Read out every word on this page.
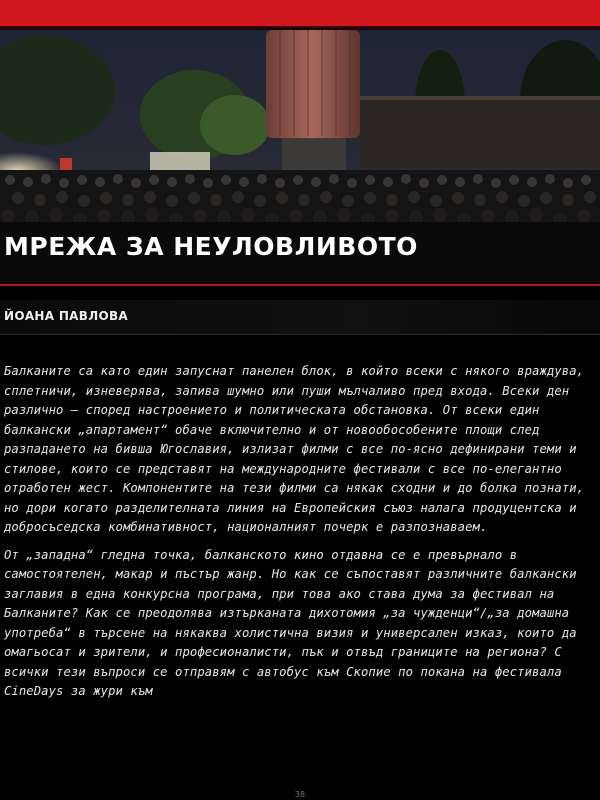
МРЕЖА ЗА НЕУЛОВЛИВОТО
ЙОАНА ПАВЛОВА

Балканите са като един запуснат панелен блок, в който всеки с някого враждува, сплетничи, изневерява, запива шумно или пуши мълчаливо пред входа. Всеки ден различно — според настроението и политическата обстановка. От всеки един балкански „апартамент“ обаче включително и от новообособените площи след разпадането на бивша Югославия, излизат филми с все по-ясно дефинирани теми и стилове, които се представят на международните фестивали с все по-елегантно отработен жест. Компонентите на тези филми са някак сходни и до болка познати, но дори когато разделителната линия на Европейския съюз налага продуцентска и добросъседска комбинативност, националният почерк е разпознаваем.

От „западна“ гледна точка, балканското кино отдавна се е превърнало в самостоятелен, макар и пъстър жанр. Но как се съпоставят различните балкански заглавия в една конкурсна програма, при това ако става дума за фестивал на Балканите? Как се преодолява изтърканата дихотомия „за чужденци“/„за домашна употреба“ в търсене на някаква холистична визия и универсален изказ, които да омагьосат и зрители, и професионалисти, пък и отвъд границите на региона? С всички тези въпроси се отправям с автобус към Скопие по покана на фестивала CineDays за жури към

38
